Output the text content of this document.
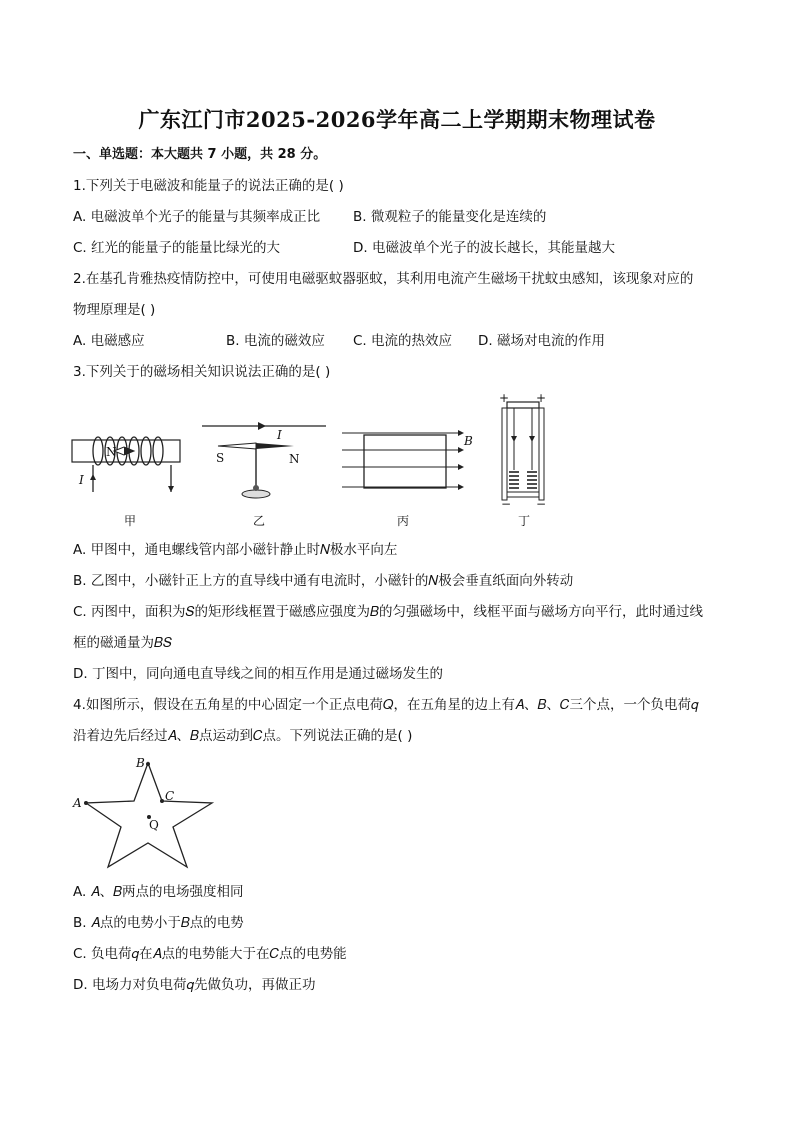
广东江门市2025-2026学年高二上学期期末物理试卷
一、单选题：本大题共 7 小题，共 28 分。
1.下列关于电磁波和能量子的说法正确的是( )
A. 电磁波单个光子的能量与其频率成正比 B. 微观粒子的能量变化是连续的
C. 红光的能量子的能量比绿光的大	D. 电磁波单个光子的波长越长，其能量越大
2.在基孔肯雅热疫情防控中，可使用电磁驱蚊器驱蚊，其利用电流产生磁场干扰蚊虫感知，该现象对应的
物理原理是( )
A. 电磁感应	B. 电流的磁效应 C. 电流的热效应 D. 磁场对电流的作用
3.下列关于的磁场相关知识说法正确的是( )
N
I
甲
I
S	N
乙
B
丙
+ +
− −
丁
A. 甲图中，通电螺线管内部小磁针静止时𝑁极水平向左
B. 乙图中，小磁针正上方的直导线中通有电流时，小磁针的𝑁极会垂直纸面向外转动
C. 丙图中，面积为𝑆的矩形线框置于磁感应强度为𝐵的匀强磁场中，线框平面与磁场方向平行，此时通过线
框的磁通量为𝐵𝑆
D. 丁图中，同向通电直导线之间的相互作用是通过磁场发生的
4.如图所示，假设在五角星的中心固定一个正点电荷𝑄，在五角星的边上有𝐴、𝐵、𝐶三个点，一个负电荷𝑞
沿着边先后经过𝐴、𝐵点运动到𝐶点。下列说法正确的是( )
A
B
C
Q
A. 𝐴、𝐵两点的电场强度相同
B. 𝐴点的电势小于𝐵点的电势
C. 负电荷𝑞在𝐴点的电势能大于在𝐶点的电势能
D. 电场力对负电荷𝑞先做负功，再做正功
